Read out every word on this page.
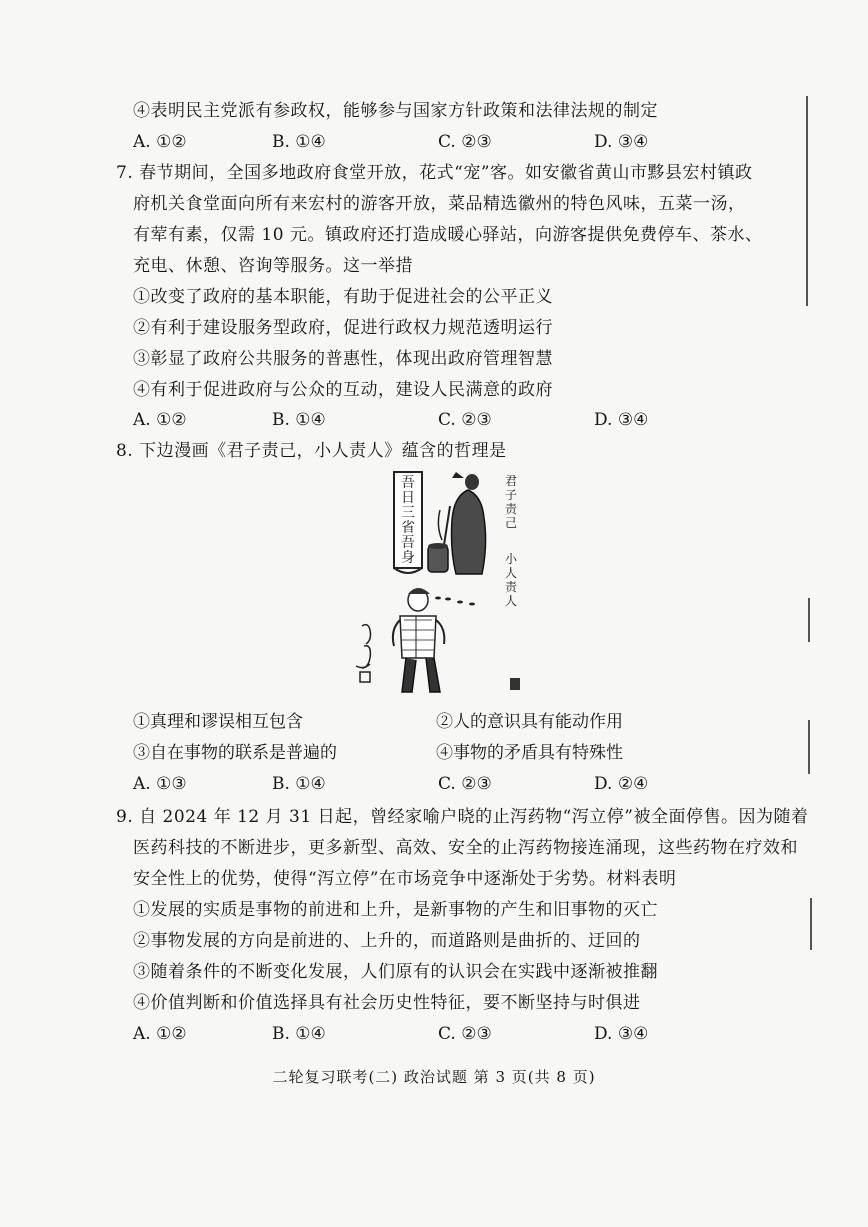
④表明民主党派有参政权，能够参与国家方针政策和法律法规的制定
A. ①②	B. ①④	C. ②③	D. ③④
7. 春节期间，全国多地政府食堂开放，花式“宠”客。如安徽省黄山市黟县宏村镇政
府机关食堂面向所有来宏村的游客开放，菜品精选徽州的特色风味，五菜一汤，
有荤有素，仅需 10 元。镇政府还打造成暖心驿站，向游客提供免费停车、茶水、
充电、休憩、咨询等服务。这一举措
①改变了政府的基本职能，有助于促进社会的公平正义
②有利于建设服务型政府，促进行政权力规范透明运行
③彰显了政府公共服务的普惠性，体现出政府管理智慧
④有利于促进政府与公众的互动，建设人民满意的政府
A. ①②	B. ①④	C. ②③	D. ③④
8. 下边漫画《君子责己，小人责人》蕴含的哲理是
吾日三省吾身
君子责己
小人责人
①真理和谬误相互包含	②人的意识具有能动作用
③自在事物的联系是普遍的	④事物的矛盾具有特殊性
A. ①③	B. ①④	C. ②③	D. ②④
9. 自 2024 年 12 月 31 日起，曾经家喻户晓的止泻药物“泻立停”被全面停售。因为随着
医药科技的不断进步，更多新型、高效、安全的止泻药物接连涌现，这些药物在疗效和
安全性上的优势，使得“泻立停”在市场竞争中逐渐处于劣势。材料表明
①发展的实质是事物的前进和上升，是新事物的产生和旧事物的灭亡
②事物发展的方向是前进的、上升的，而道路则是曲折的、迂回的
③随着条件的不断变化发展，人们原有的认识会在实践中逐渐被推翻
④价值判断和价值选择具有社会历史性特征，要不断坚持与时俱进
A. ①②	B. ①④	C. ②③	D. ③④
二轮复习联考(二) 政治试题 第 3 页(共 8 页)
